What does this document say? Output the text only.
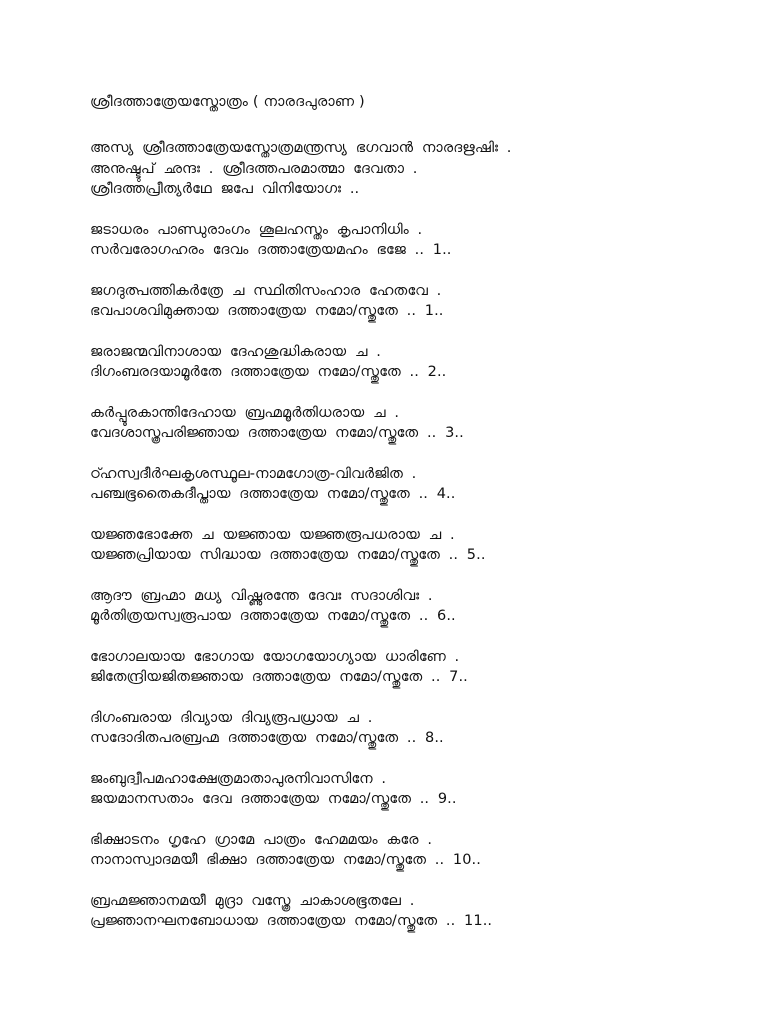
ശ്രീദത്താത്രേയസ്തോത്രം ( നാരദപുരാണ )

അസ്യ ശ്രീദത്താത്രേയസ്തോത്രമന്ത്രസ്യ ഭഗവാൻ നാരദഋഷിഃ .

അനുഷ്ടുപ് ഛന്ദഃ . ശ്രീദത്തപരമാത്മാ ദേവതാ .

ശ്രീദത്തപ്രീത്യർഥേ ജപേ വിനിയോഗഃ ..

ജടാധരം പാണ്ഡുരാംഗം ശൂലഹസ്തം കൃപാനിധിം .

സർവരോഗഹരം ദേവം ദത്താത്രേയമഹം ഭജേ .. 1..

ജഗദുത്പത്തികർത്രേ ച സ്ഥിതിസംഹാര ഹേതവേ .

ഭവപാശവിമുക്തായ ദത്താത്രേയ നമോ/സ്തുതേ .. 1..

ജരാജന്മവിനാശായ ദേഹശുദ്ധികരായ ച .

ദിഗംബരദയാമൂർതേ ദത്താത്രേയ നമോ/സ്തുതേ .. 2..

കർപ്പൂരകാന്തിദേഹായ ബ്രഹ്മമൂർതിധരായ ച .

വേദശാസ്ത്രപരിജ്ഞായ ദത്താത്രേയ നമോ/സ്തുതേ .. 3..

ഠ്ഹസ്വദീർഘകൃശസ്ഥൂല-നാമഗോത്ര-വിവർജിത .

പഞ്ചഭൂതൈകദീപ്തായ ദത്താത്രേയ നമോ/സ്തുതേ .. 4..

യജ്ഞഭോക്തേ ച യജ്ഞായ യജ്ഞരൂപധരായ ച .

യജ്ഞപ്രിയായ സിദ്ധായ ദത്താത്രേയ നമോ/സ്തുതേ .. 5..

ആദൗ ബ്രഹ്മാ മധ്യ വിഷ്ണുരന്തേ ദേവഃ സദാശിവഃ .

മൂർതിത്രയസ്വരൂപായ ദത്താത്രേയ നമോ/സ്തുതേ .. 6..

ഭോഗാലയായ ഭോഗായ യോഗയോഗ്യായ ധാരിണേ .

ജിതേന്ദ്രിയജിതജ്ഞായ ദത്താത്രേയ നമോ/സ്തുതേ .. 7..

ദിഗംബരായ ദിവ്യായ ദിവ്യരൂപധ്രായ ച .

സദോദിതപരബ്രഹ്മ ദത്താത്രേയ നമോ/സ്തുതേ .. 8..

ജംബുദ്വീപമഹാക്ഷേത്രമാതാപുരനിവാസിനേ .

ജയമാനസതാം ദേവ ദത്താത്രേയ നമോ/സ്തുതേ .. 9..

ഭിക്ഷാടനം ഗൃഹേ ഗ്രാമേ പാത്രം ഹേമമയം കരേ .

നാനാസ്വാദമയീ ഭിക്ഷാ ദത്താത്രേയ നമോ/സ്തുതേ .. 10..

ബ്രഹ്മജ്ഞാനമയീ മുദ്രാ വസ്ത്രേ ചാകാശഭൂതലേ .

പ്രജ്ഞാനഘനബോധായ ദത്താത്രേയ നമോ/സ്തുതേ .. 11..
